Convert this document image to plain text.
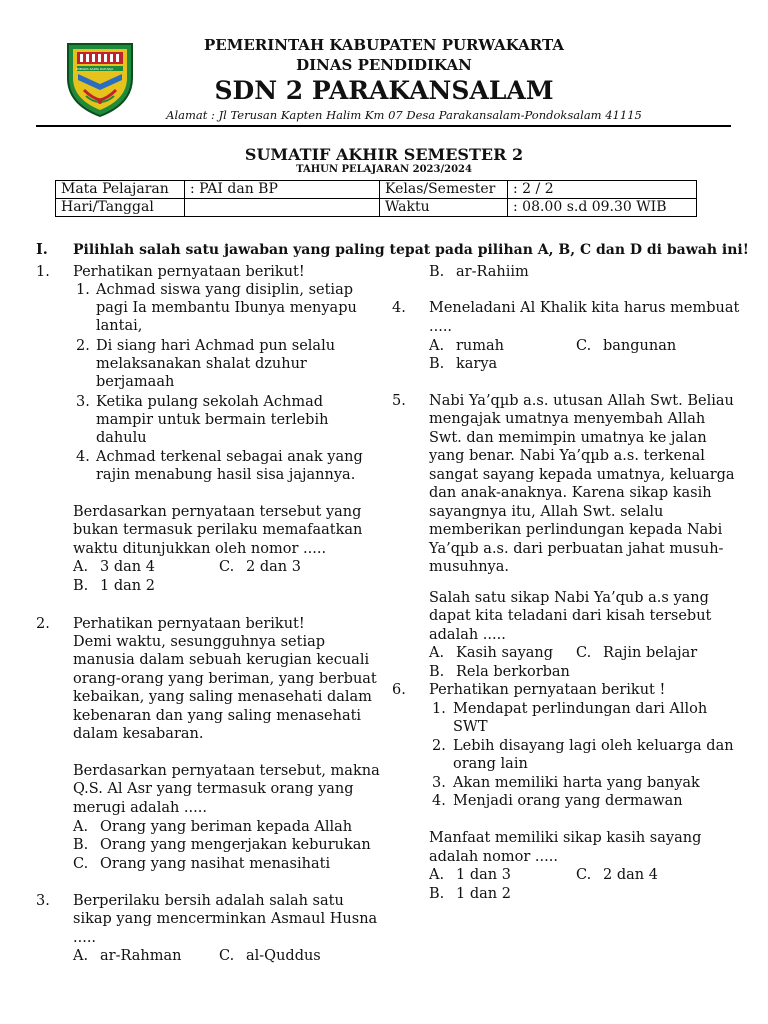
WIBAWA KARTA RAHARJA
PEMERINTAH KABUPATEN PURWAKARTA
DINAS PENDIDIKAN
SDN 2 PARAKANSALAM
Alamat : Jl Terusan Kapten Halim Km 07 Desa Parakansalam-Pondoksalam 41115
SUMATIF AKHIR SEMESTER 2
TAHUN PELAJARAN 2023/2024
Mata Pelajaran	: PAI dan BP	Kelas/Semester	: 2 / 2
Hari/Tanggal		Waktu	: 08.00 s.d 09.30 WIB
I. Pilihlah salah satu jawaban yang paling tepat pada pilihan A, B, C dan D di bawah ini!
1.	Perhatikan pernyataan berikut!
1. Achmad siswa yang disiplin, setiap
pagi Ia membantu Ibunya menyapu
lantai,
2. Di siang hari Achmad pun selalu
melaksanakan shalat dzuhur
berjamaah
3. Ketika pulang sekolah Achmad
mampir untuk bermain terlebih
dahulu
4. Achmad terkenal sebagai anak yang
rajin menabung hasil sisa jajannya.
Berdasarkan pernyataan tersebut yang
bukan termasuk perilaku memafaatkan
waktu ditunjukkan oleh nomor .....
A. 3 dan 4	C. 2 dan 3
B. 1 dan 2
2.	Perhatikan pernyataan berikut!
Demi waktu, sesungguhnya setiap
manusia dalam sebuah kerugian kecuali
orang-orang yang beriman, yang berbuat
kebaikan, yang saling menasehati dalam
kebenaran dan yang saling menasehati
dalam kesabaran.
Berdasarkan pernyataan tersebut, makna
Q.S. Al Asr yang termasuk orang yang
merugi adalah .....
A. Orang yang beriman kepada Allah
B. Orang yang mengerjakan keburukan
C. Orang yang nasihat menasihati
3.	Berperilaku bersih adalah salah satu
sikap yang mencerminkan Asmaul Husna
.....
A. ar-Rahman	C. al-Quddus
B. ar-Rahiim
4.	Meneladani Al Khalik kita harus membuat
.....
A. rumah	C. bangunan
B. karya
5.	Nabi Ya’qµb a.s. utusan Allah Swt. Beliau
mengajak umatnya menyembah Allah
Swt. dan memimpin umatnya ke jalan
yang benar. Nabi Ya’qµb a.s. terkenal
sangat sayang kepada umatnya, keluarga
dan anak-anaknya. Karena sikap kasih
sayangnya itu, Allah Swt. selalu
memberikan perlindungan kepada Nabi
Ya’qµb a.s. dari perbuatan jahat musuh-
musuhnya.
Salah satu sikap Nabi Ya’qub a.s yang
dapat kita teladani dari kisah tersebut
adalah .....
A. Kasih sayang C. Rajin belajar
B. Rela berkorban
6.	Perhatikan pernyataan berikut !
1. Mendapat perlindungan dari Alloh
SWT
2. Lebih disayang lagi oleh keluarga dan
orang lain
3. Akan memiliki harta yang banyak
4. Menjadi orang yang dermawan
Manfaat memiliki sikap kasih sayang
adalah nomor .....
A. 1 dan 3	C. 2 dan 4
B. 1 dan 2
